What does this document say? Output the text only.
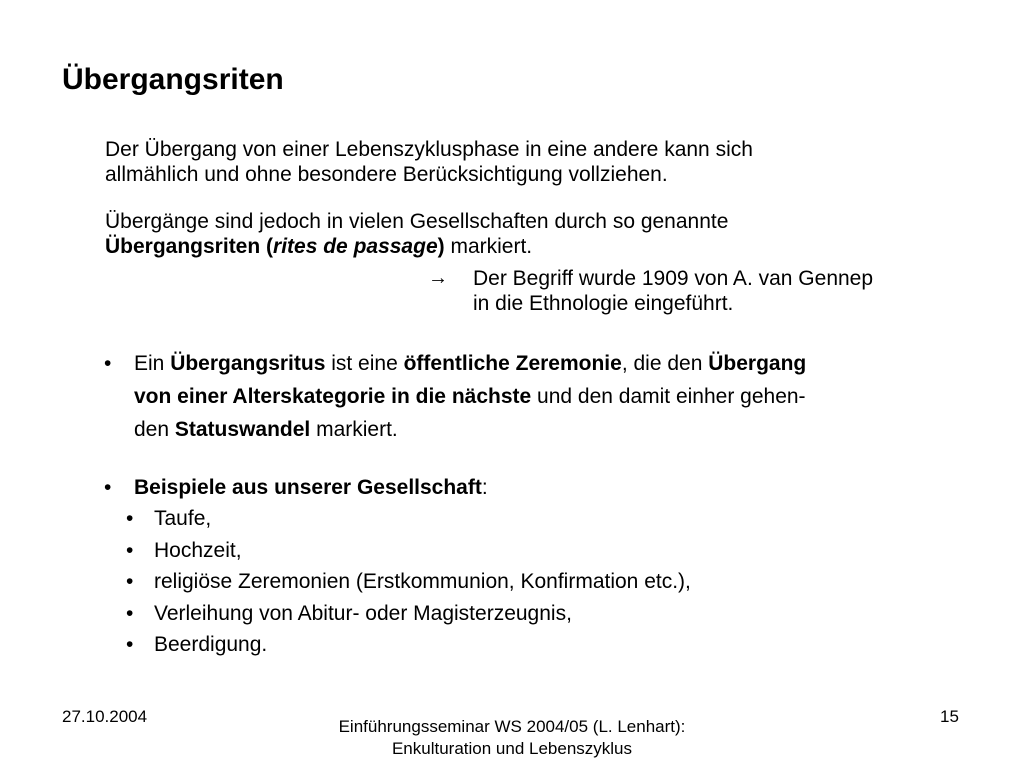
Übergangsriten
Der Übergang von einer Lebenszyklusphase in eine andere kann sich
allmählich und ohne besondere Berücksichtigung vollziehen.
Übergänge sind jedoch in vielen Gesellschaften durch so genannte
Übergangsriten (rites de passage) markiert.
→	Der Begriff wurde 1909 von A. van Gennep
in die Ethnologie eingeführt.
• Ein Übergangsritus ist eine öffentliche Zeremonie, die den Übergang
von einer Alterskategorie in die nächste und den damit einher gehen-
den Statuswandel markiert.
• Beispiele aus unserer Gesellschaft:
• Taufe,
• Hochzeit,
• religiöse Zeremonien (Erstkommunion, Konfirmation etc.),
• Verleihung von Abitur- oder Magisterzeugnis,
• Beerdigung.
27.10.2004
Einführungsseminar WS 2004/05 (L. Lenhart):
Enkulturation und Lebenszyklus
15
